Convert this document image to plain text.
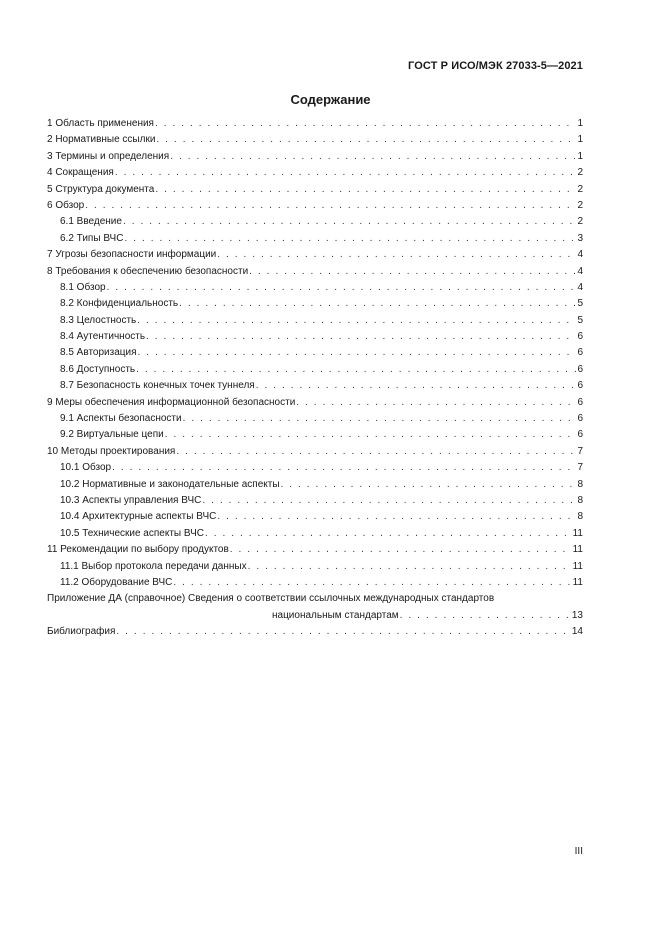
ГОСТ Р ИСО/МЭК 27033-5—2021
Содержание
1 Область применения . . .	1
2 Нормативные ссылки . . .	1
3 Термины и определения . . .	1
4 Сокращения . . .	2
5 Структура документа . . .	2
6 Обзор . . .	2
6.1 Введение . . .	2
6.2 Типы ВЧС . . .	3
7 Угрозы безопасности информации . . .	4
8 Требования к обеспечению безопасности . . .	4
8.1 Обзор . . .	4
8.2 Конфиденциальность . . .	5
8.3 Целостность . . .	5
8.4 Аутентичность . . .	6
8.5 Авторизация . . .	6
8.6 Доступность . . .	6
8.7 Безопасность конечных точек туннеля . . .	6
9 Меры обеспечения информационной безопасности . . .	6
9.1 Аспекты безопасности . . .	6
9.2 Виртуальные цепи . . .	6
10 Методы проектирования . . .	7
10.1 Обзор . . .	7
10.2 Нормативные и законодательные аспекты . . .	8
10.3 Аспекты управления ВЧС . . .	8
10.4 Архитектурные аспекты ВЧС . . .	8
10.5 Технические аспекты ВЧС . . .	11
11 Рекомендации по выбору продуктов . . .	11
11.1 Выбор протокола передачи данных . . .	11
11.2 Оборудование ВЧС . . .	11
Приложение ДА (справочное) Сведения о соответствии ссылочных международных стандартов
национальным стандартам . . .	13
Библиография . . .	14
III
